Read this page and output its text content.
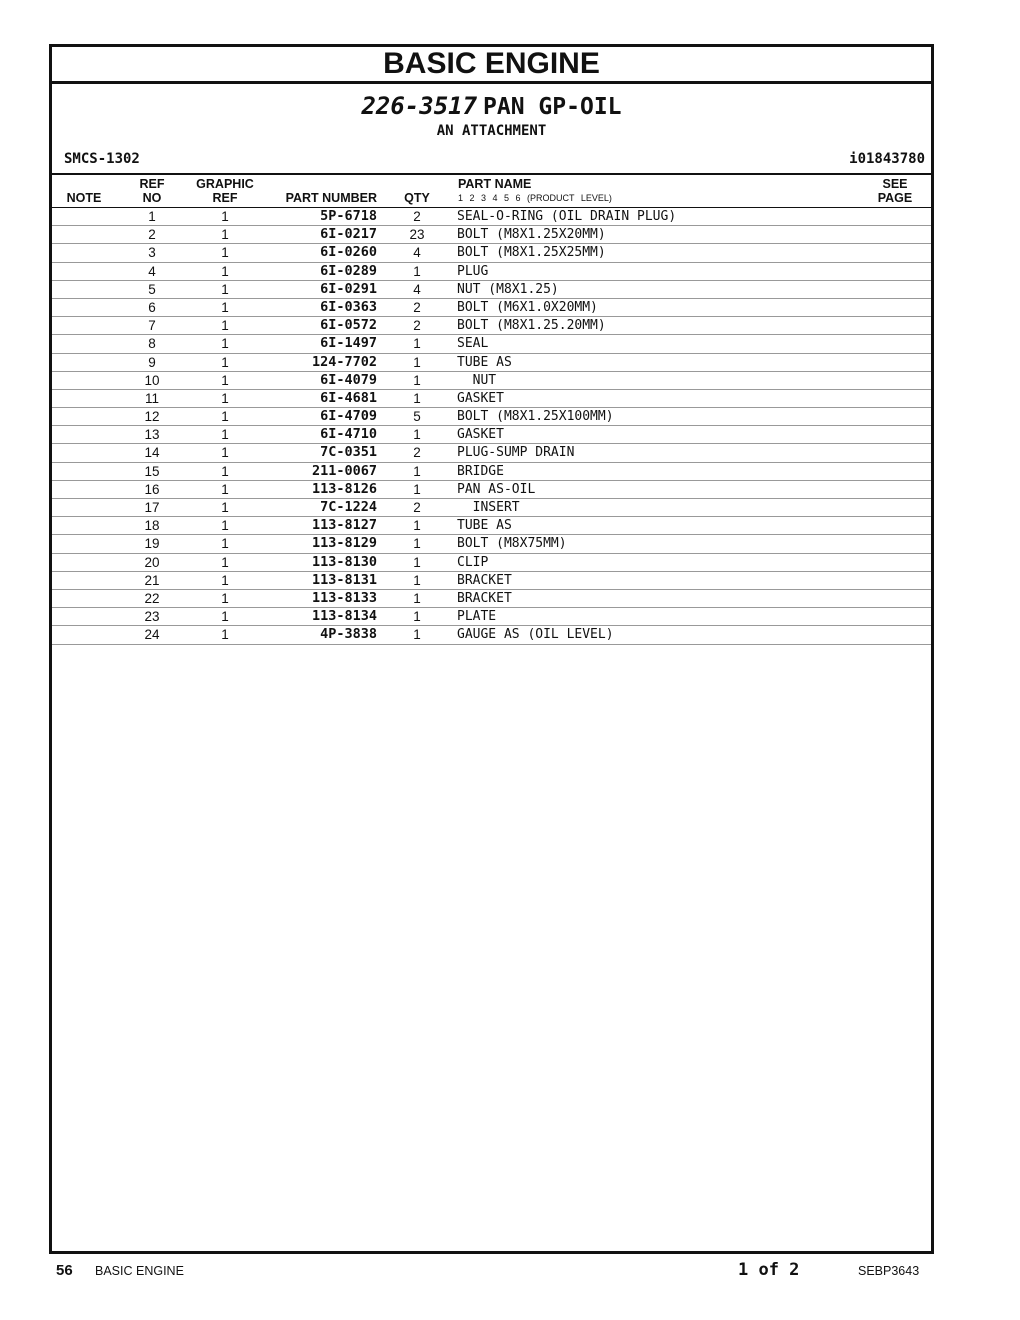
BASIC ENGINE
226-3517 PAN GP-OIL
AN ATTACHMENT
SMCS-1302	i01843780
NOTE
REF
NO
GRAPHIC
REF	PART NUMBER	QTY
PART NAME
1 2 3 4 5 6 (PRODUCT LEVEL)
SEE
PAGE
1	1	5P-6718	2	SEAL-O-RING (OIL DRAIN PLUG)
2	1	6I-0217	23	BOLT (M8X1.25X20MM)
3	1	6I-0260	4	BOLT (M8X1.25X25MM)
4	1	6I-0289	1	PLUG
5	1	6I-0291	4	NUT (M8X1.25)
6	1	6I-0363	2	BOLT (M6X1.0X20MM)
7	1	6I-0572	2	BOLT (M8X1.25.20MM)
8	1	6I-1497	1	SEAL
9	1	124-7702	1	TUBE AS
10	1	6I-4079	1	NUT
11	1	6I-4681	1	GASKET
12	1	6I-4709	5	BOLT (M8X1.25X100MM)
13	1	6I-4710	1	GASKET
14	1	7C-0351	2	PLUG-SUMP DRAIN
15	1	211-0067	1	BRIDGE
16	1	113-8126	1	PAN AS-OIL
17	1	7C-1224	2	INSERT
18	1	113-8127	1	TUBE AS
19	1	113-8129	1	BOLT (M8X75MM)
20	1	113-8130	1	CLIP
21	1	113-8131	1	BRACKET
22	1	113-8133	1	BRACKET
23	1	113-8134	1	PLATE
24	1	4P-3838	1	GAUGE AS (OIL LEVEL)
56 BASIC ENGINE	1 of 2	SEBP3643
